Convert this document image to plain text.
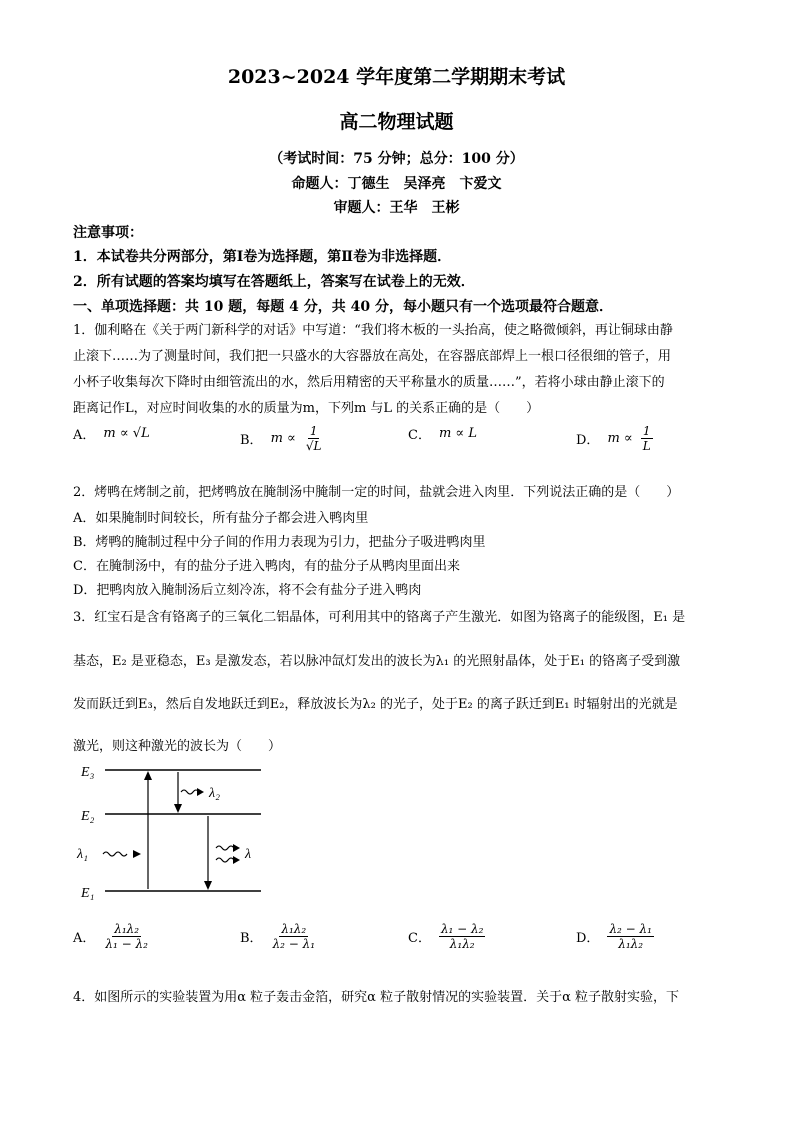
2023~2024 学年度第二学期期末考试
高二物理试题
（考试时间：75 分钟；总分：100 分）
命题人：丁德生　吴泽亮　卞爱文
审题人：王华　王彬
注意事项：
1．本试卷共分两部分，第Ⅰ卷为选择题，第Ⅱ卷为非选择题．
2．所有试题的答案均填写在答题纸上，答案写在试卷上的无效．
一、单项选择题：共 10 题，每题 4 分，共 40 分，每小题只有一个选项最符合题意．
1．伽利略在《关于两门新科学的对话》中写道：“我们将木板的一头抬高，使之略微倾斜，再让铜球由静
止滚下……为了测量时间，我们把一只盛水的大容器放在高处，在容器底部焊上一根口径很细的管子，用
小杯子收集每次下降时由细管流出的水，然后用精密的天平称量水的质量……”，若将小球由静止滚下的
距离记作L，对应时间收集的水的质量为m，下列m 与L 的关系正确的是（　　）
A． m ∝ √L	B． $m \propto \frac{1}{√L}$	C． m ∝ L	D． $m \propto \frac{1}{L}$
2．烤鸭在烤制之前，把烤鸭放在腌制汤中腌制一定的时间，盐就会进入肉里．下列说法正确的是（　　）
A．如果腌制时间较长，所有盐分子都会进入鸭肉里
B．烤鸭的腌制过程中分子间的作用力表现为引力，把盐分子吸进鸭肉里
C．在腌制汤中，有的盐分子进入鸭肉，有的盐分子从鸭肉里面出来
D．把鸭肉放入腌制汤后立刻冷冻，将不会有盐分子进入鸭肉
3．红宝石是含有铬离子的三氧化二铝晶体，可利用其中的铬离子产生激光．如图为铬离子的能级图，E₁ 是
基态，E₂ 是亚稳态，E₃ 是激发态，若以脉冲氙灯发出的波长为λ₁ 的光照射晶体，处于E₁ 的铬离子受到激
发而跃迁到E₃，然后自发地跃迁到E₂，释放波长为λ₂ 的光子，处于E₂ 的离子跃迁到E₁ 时辐射出的光就是
激光，则这种激光的波长为（　　）
E₃
E₂
E₁
λ₂
λ₁	λ
A． $\frac{\text{λ₁λ₂}}{\text{λ₁ − λ₂}}$	B． $\frac{\text{λ₁λ₂}}{\text{λ₂ − λ₁}}$	C． $\frac{\text{λ₁ − λ₂}}{\text{λ₁λ₂}}$	D． $\frac{\text{λ₂ − λ₁}}{\text{λ₁λ₂}}$
4．如图所示的实验装置为用α 粒子轰击金箔，研究α 粒子散射情况的实验装置．关于α 粒子散射实验，下
